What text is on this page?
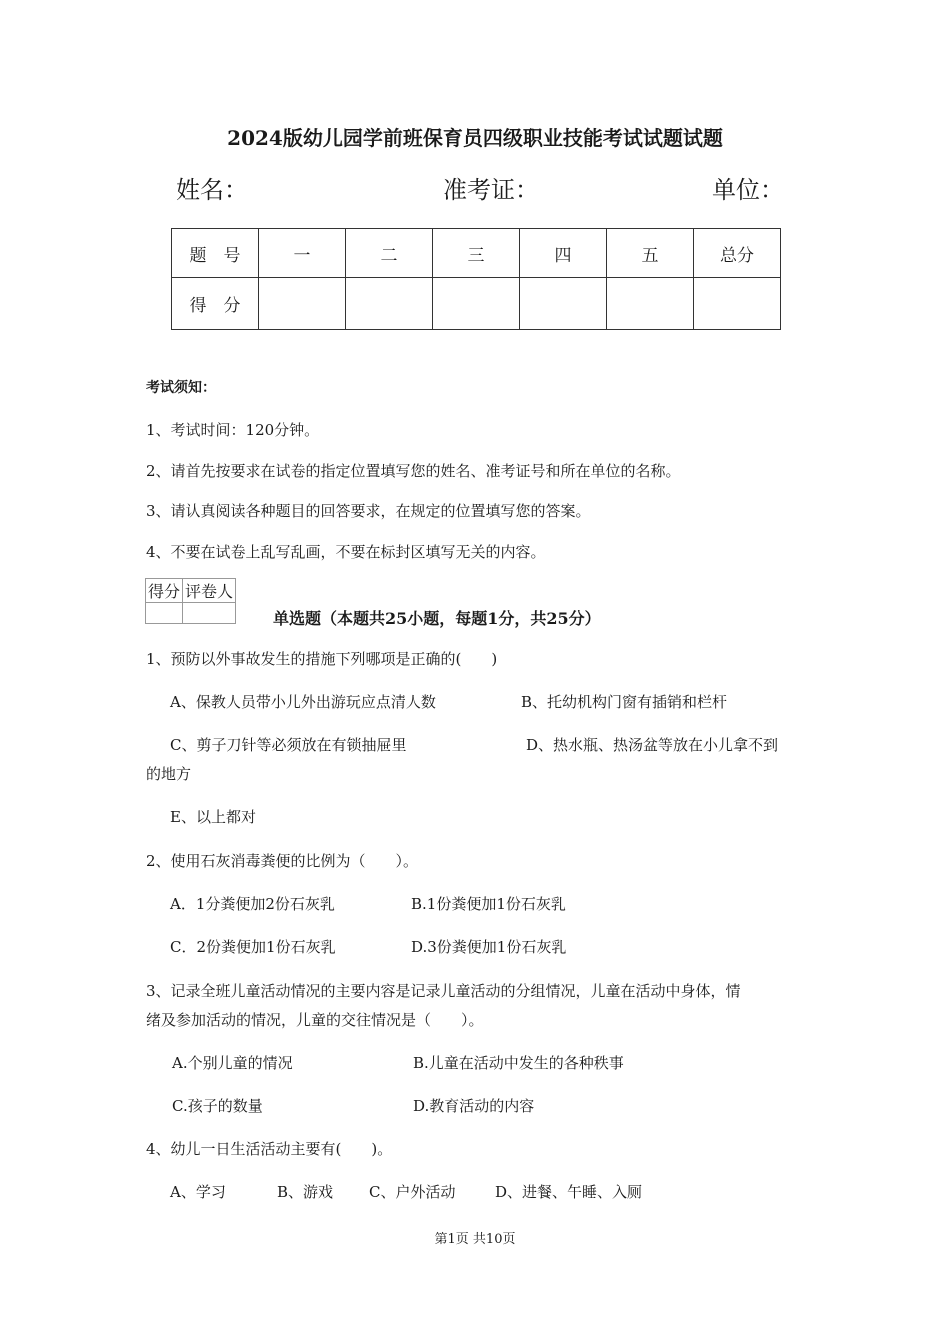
2024版幼儿园学前班保育员四级职业技能考试试题试题
姓名：	准考证：	单位：
题　号	一	二	三	四	五	总分
得　分						
考试须知：
1、考试时间：120分钟。
2、请首先按要求在试卷的指定位置填写您的姓名、准考证号和所在单位的名称。
3、请认真阅读各种题目的回答要求，在规定的位置填写您的答案。
4、不要在试卷上乱写乱画，不要在标封区填写无关的内容。
得分	评卷人

单选题（本题共25小题，每题1分，共25分）
1、预防以外事故发生的措施下列哪项是正确的(　　)
A、保教人员带小儿外出游玩应点清人数	B、托幼机构门窗有插销和栏杆
C、剪子刀针等必须放在有锁抽屉里	D、热水瓶、热汤盆等放在小儿拿不到
的地方
E、以上都对
2、使用石灰消毒粪便的比例为（　　）。
A．1分粪便加2份石灰乳	B.1份粪便加1份石灰乳
C．2份粪便加1份石灰乳	D.3份粪便加1份石灰乳
3、记录全班儿童活动情况的主要内容是记录儿童活动的分组情况，儿童在活动中身体，情
绪及参加活动的情况，儿童的交往情况是（　　）。
A.个别儿童的情况	B.儿童在活动中发生的各种秩事
C.孩子的数量	D.教育活动的内容
4、幼儿一日生活活动主要有(　　)。
A、学习	B、游戏 C、户外活动	D、进餐、午睡、入厕
第1页 共10页
